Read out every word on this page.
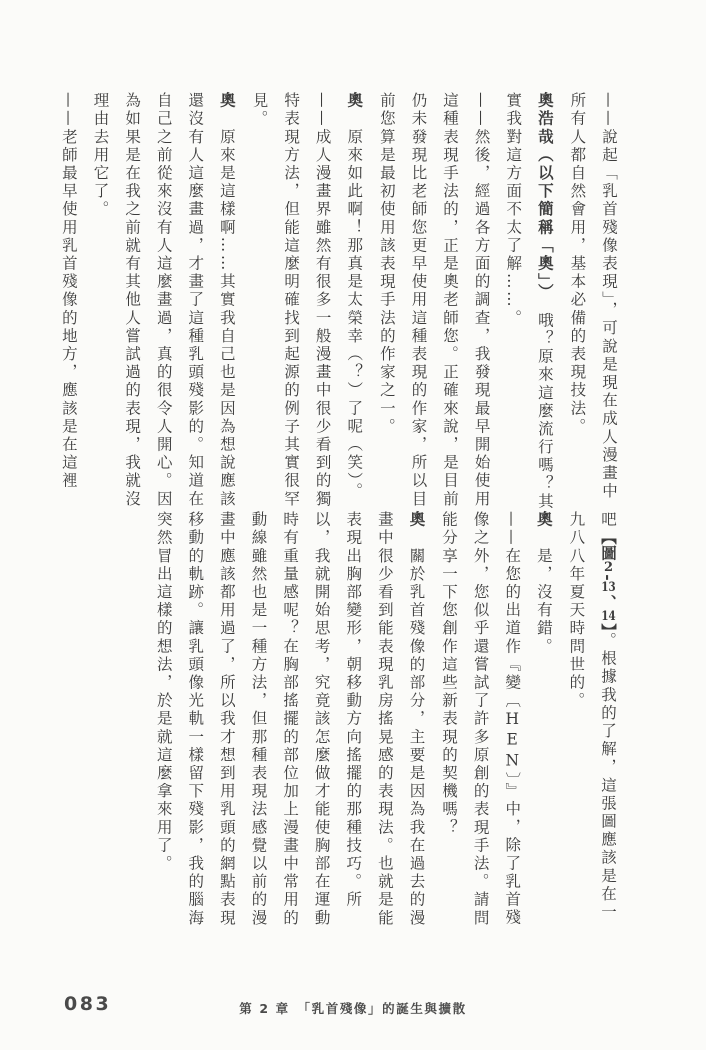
——說起「乳首殘像表現」，可說是現在成人漫畫中所有人都自然會用，基本必備的表現技法。

奧浩哉（以下簡稱「奧」）　哦？原來這麼流行嗎？其實我對這方面不太了解……。

——然後，經過各方面的調查，我發現最早開始使用這種表現手法的，正是奧老師您。正確來說，是目前仍未發現比老師您更早使用這種表現的作家，所以目前您算是最初使用該表現手法的作家之一。

奧　原來如此啊！那真是太榮幸（？）了呢（笑）。

——成人漫畫界雖然有很多一般漫畫中很少看到的獨特表現方法，但能這麼明確找到起源的例子其實很罕見。

奧　原來是這樣啊……其實我自己也是因為想說應該還沒有人這麼畫過，才畫了這種乳頭殘影的。知道在自己之前從來沒有人這麼畫過，真的很令人開心。因為如果是在我之前就有其他人嘗試過的表現，我就沒理由去用它了。

——老師最早使用乳首殘像的地方，應該是在這裡

吧【圖2-13、14】。根據我的了解，這張圖應該是在一九八八年夏天時問世的。

奧　是，沒有錯。

——在您的出道作『變〔HEN〕』中，除了乳首殘像之外，您似乎還嘗試了許多原創的表現手法。請問能分享一下您創作這些新表現的契機嗎？

奧　關於乳首殘像的部分，主要是因為我在過去的漫畫中很少看到能表現乳房搖晃感的表現法。也就是能表現出胸部變形，朝移動方向搖擺的那種技巧。所以，我就開始思考，究竟該怎麼做才能使胸部在運動時有重量感呢？在胸部搖擺的部位加上漫畫中常用的動線雖然也是一種方法，但那種表現法感覺以前的漫畫中應該都用過了，所以我才想到用乳頭的網點表現移動的軌跡。讓乳頭像光軌一樣留下殘影，我的腦海突然冒出這樣的想法，於是就這麼拿來用了。

083	第 2 章　「乳首殘像」的誕生與擴散
